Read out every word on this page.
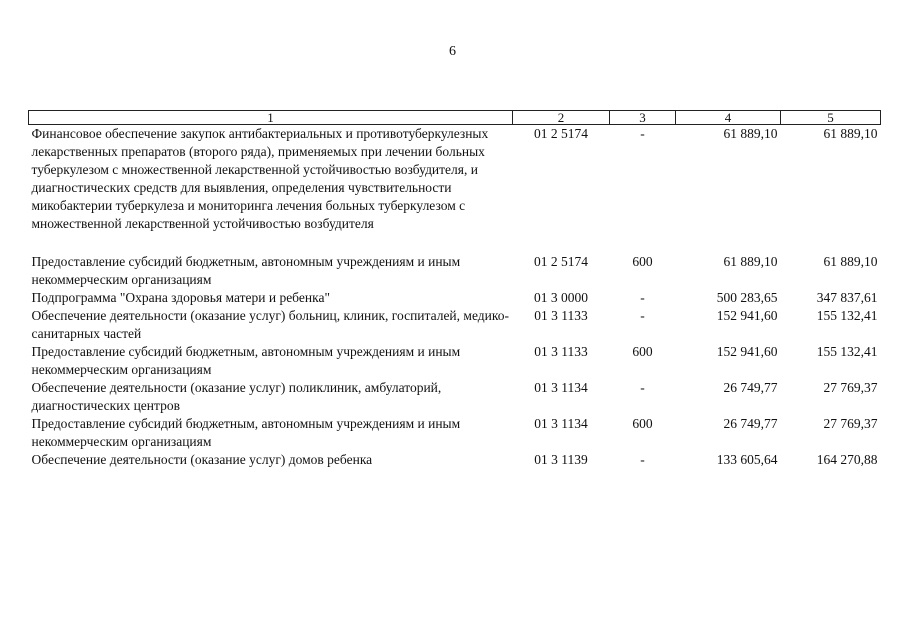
6
1	2	3	4	5
Финансовое обеспечение закупок антибактериальных и противотуберкулезных лекарственных препаратов (второго ряда), применяемых при лечении больных туберкулезом с множественной лекарственной устойчивостью возбудителя, и диагностических средств для выявления, определения чувствительности микобактерии туберкулеза и мониторинга лечения больных туберкулезом с множественной лекарственной устойчивостью возбудителя	01 2 5174	-	61 889,10	61 889,10

Предоставление субсидий бюджетным, автономным учреждениям и иным некоммерческим организациям	01 2 5174	600	61 889,10	61 889,10
Подпрограмма "Охрана здоровья матери и ребенка"	01 3 0000	-	500 283,65	347 837,61
Обеспечение деятельности (оказание услуг) больниц, клиник, госпиталей, медико-санитарных частей	01 3 1133	-	152 941,60	155 132,41
Предоставление субсидий бюджетным, автономным учреждениям и иным некоммерческим организациям	01 3 1133	600	152 941,60	155 132,41
Обеспечение деятельности (оказание услуг) поликлиник, амбулаторий, диагностических центров	01 3 1134	-	26 749,77	27 769,37
Предоставление субсидий бюджетным, автономным учреждениям и иным некоммерческим организациям	01 3 1134	600	26 749,77	27 769,37
Обеспечение деятельности (оказание услуг) домов ребенка	01 3 1139	-	133 605,64	164 270,88
